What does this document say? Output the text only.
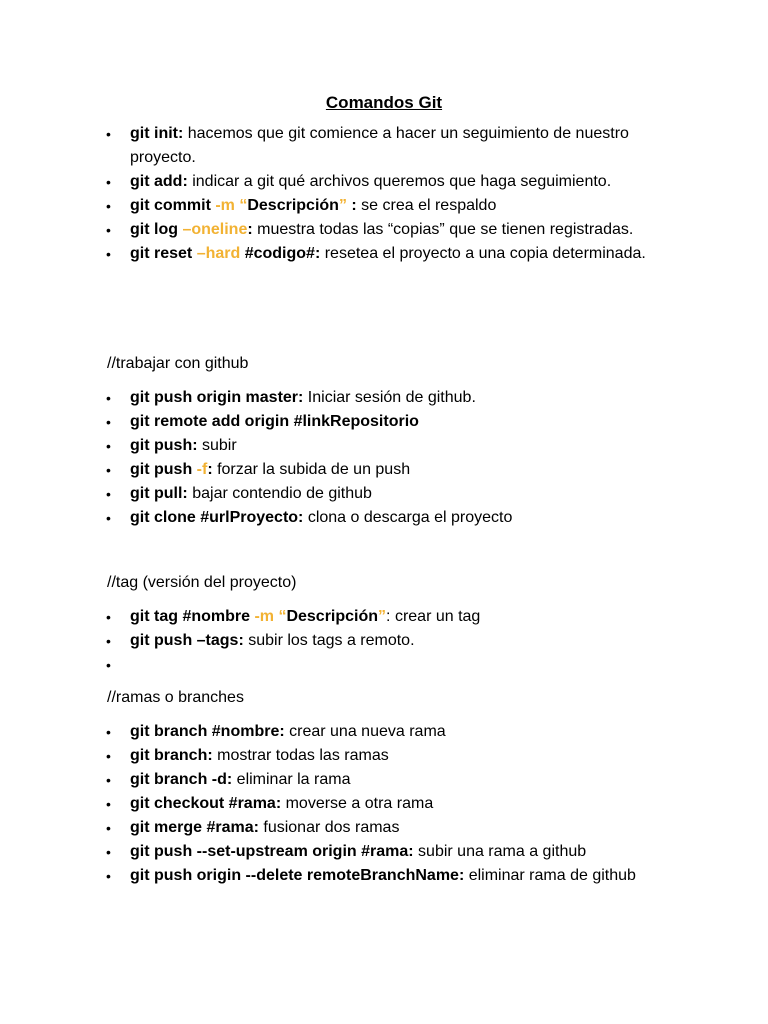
Comandos Git
• git init: hacemos que git comience a hacer un seguimiento de nuestro proyecto.
• git add: indicar a git qué archivos queremos que haga seguimiento.
• git commit -m “Descripción” : se crea el respaldo
• git log –oneline: muestra todas las “copias” que se tienen registradas.
• git reset –hard #codigo#: resetea el proyecto a una copia determinada.
//trabajar con github
• git push origin master: Iniciar sesión de github.
• git remote add origin #linkRepositorio
• git push: subir
• git push -f: forzar la subida de un push
• git pull: bajar contendio de github
• git clone #urlProyecto: clona o descarga el proyecto
//tag (versión del proyecto)
• git tag #nombre -m “Descripción”: crear un tag
• git push –tags: subir los tags a remoto.
•
//ramas o branches
• git branch #nombre: crear una nueva rama
• git branch: mostrar todas las ramas
• git branch -d: eliminar la rama
• git checkout #rama: moverse a otra rama
• git merge #rama: fusionar dos ramas
• git push --set-upstream origin #rama: subir una rama a github
• git push origin --delete remoteBranchName: eliminar rama de github
